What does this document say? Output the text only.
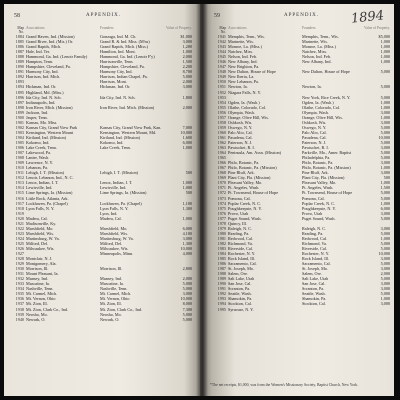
58	APPENDIX.
Map No.
Associations.	Founders.	Value of Property.
1884 Grand Haven, Ind. (Mission)	Gonzaga, Ind. M. Ch.	$1,000
1885 Grand River, Ind. (Mis.) Or.	Grand R. & Ind. Miss. (M'ns)	3,000
1886 Grand Rapids, Mich.	Grand Rapids, Mich. (Miss.)	1,200
1887 Hale, Ind. Ter.	Hamilton, Ind. Mont.	1,000
1888 Hammond, Ga. Ind. (Lenoir Family)	Hammond, Ga. Ind. (Lenoir F'y)	2,000
1889 Hampton, Tenn.	Harrisonville, Tenn.	1,500
1890 Hampshire, Cleveland, Pa.	Hampshire, Cleveland, Pa.	2,200
1891 Harmony City, Ind.	Harmony City, Ind.	8,700
1892 Harrison, Ind. Mich.	Harrison, Indian Chapel, Pa.	5,000
1893	Harrison, Mont.	2,000
1894 Hickman, Ind. Or.	Hickman, Ind. Or.	3,000
1895 Highland, Md. (Miss.)
1896 Ida City, Ind. N. Sch.	Ida City, Ind. N. Sch.	1,800
1897 Indianapolis, Ind.
1898 Iron River, Mich. (Mission)	Iron River, Ind. Mich. (Mission)	2,000
1899 Jackson, Ind.
1900 Jasper, Tenn.
1901 Kansas, Mo. Miss.
1902 Kansas City, Grand View Park	Kansas City, Grand View Park, Kan.	7,000
1903 Kensington, Western Mount	Kensington, Western Mount, Md.	10,000
1904 Kirtland, Ind. (Mission)	Kirtland, Ind. (Mission)	1,600
1905 Kokomo, Ind.	Kokomo, Ind.	6,000
1906 Lake Creek, Tenn.	Lake Creek, Tenn.	1,000
1907 Lakewood, Pa.
1908 Lanier, Wash.
1909 Lawrence, N. Y.
1910 Lebanon, Pa.
1911 Lehigh, I. T. (Mission)	Lehigh, I. T. (Mission)	500
1912 Lenoir, Lebanon, Ind., N. C.
1913 Lenox, Indian, I. T.	Lenox, Indian, I. T.	1,000
1914 Lewisville, Ind.	Lewisville, Ind.	1,000
1915 Lime Springs, Ia. (Mission)	Lime Springs, Ia. (Mission)	500
1916 Little Rock, Atlanta, Ark.
1917 Lockhaven, Pa. (Chapel)	Lockhaven, Pa. (Chapel)	1,100
1918 Lyon Falls, N. Y.	Lyon Falls, N. Y.	1,300
1919	Lyon, Ind.
1920 Madera, Cal.	Madera, Cal.	1,000
1921 Madisonville, Ky.
1922 Marshfield, Mo.	Marshfield, Mo.	6,000
1923 Marshfield, Wis.	Marshfield, Wis.	4,100
1924 Martinsburg, W. Va.	Martinsburg, W. Va.	3,000
1925 Milford, Del.	Milford, Del.	1,300
1926 Milwaukee, Wis.	Milwaukee, Wis.	10,000
1927	Minneapolis, Minn.	4,000
1928 Montclair, N. J.
1929 Montgomery, Ala.
1930 Morrison, Ill.	Morrison, Ill.	2,800
1931 Mount Pleasant, Ia.
1932 Munsey, Ind.	Munsey, Ind.	2,000
1933 Muscatine, Ia.	Muscatine, Ia.	5,000
1934 Nashville, Tenn.	Nashville, Tenn.	5,000
1935 Mt. Carmel, Mich.	Mt. Carmel, Mich.	3,000
1936 Mt. Vernon, Ohio	Mt. Vernon, Ohio	10,000
1937 Mt. Zion, Ill.	Mt. Zion, Ill.	8,000
1938 Mt. Zion, Clark Co., Ind.	Mt. Zion, Clark Co., Ind.	7,300
1939 Neosho, Mo.	Neosho, Mo.	5,000
1940 Newark, O.	Newark, O.	5,000
59	APPENDIX. 1894
Map No.
Associations.	Founders.	Value of Property.
1941 Memphis, Tenn., Wis.	Memphis, Tenn., Wis.	$5,000
1942 Marinette, Wis.	Marinette, Wis.	1,000
1943 Monroe, La. (Miss.)	Monroe, La. (Miss.)	1,000
1944 Natchez, Miss.	Natchez, Miss.	1,000
1945 Nelson, Ind. Feb.	Nelson, Ind. Feb.	1,000
1946 New Albany, Ind.	New Albany, Ind.	1,000
1947 New Brighton, Pa.
1948 New Dalton, House of Hope	New Dalton, House of Hope	5,000
1949 New Iberia, La.
1950 New Lebanon, Pa.
1951 Newton, Ia.	Newton, Ia.	5,000
1952 Niagara Falls, N. Y.
1953	New York, Rice Creek, N. Y.	5,000
1954 Ogden, Ia. (Wash.)	Ogden, Ia. (Wash.)	1,000
1955 Olathe, Colorado, Col.	Olathe, Colorado, Col.	1,000
1956 Olympia, Wash.	Olympia, Wash.	3,000
1957 Orange, Olive Hill, Wis.	Orange, Olive Hill, Wis.	1,000
1958 Oshkosh, Wis.	Oshkosh, Wis.	3,000
1959 Oswego, N. Y.	Oswego, N. Y.	5,000
1960 Palo Alto, Cal.	Palo Alto, Cal.	5,000
1961 Pasadena, Cal.	Pasadena, Cal.	10,000
1962 Paterson, N. J.	Paterson, N. J.	5,000
1963 Pawtucket, R. I.	Pawtucket, R. I.	3,000
1964 Peninsula, Am. Assn. (Mission)	Parkville, Mo., Amer. Baptist	5,000
1965	Philadelphia, Pa.	5,000
1966 Philo, Botanic, Pa.	Philo, Botanic, Pa.	3,000
1967 Philo, Botanic, Pa. (Mission)	Philo, Botanic, Pa. (Mission)	1,000
1968 Pine Bluff, Ark.	Pine Bluff, Ark.	3,000
1969 Plant City, Fla. (Mission)	Plant City, Fla. (Mission)	500
1970 Pleasant Valley, Mo.	Pleasant Valley, Mo.	1,000
1971 Pt. Angeles, Wash.	Pt. Angeles, Wash.	1,500
1972 Pt. Townsend, House of Hope	Pt. Townsend, House of Hope	5,000
1973 Pomona, Cal.	Pomona, Cal.	5,000
1974 Poplar Creek, N. C.	Poplar Creek, N. C.	1,000
1975 Poughkeepsie, N. Y.	Poughkeepsie, N. Y.	6,000
1976 Provo, Utah	Provo, Utah	3,000
1977 Puget Sound, Wash.	Puget Sound, Wash.	5,000
1978 Quincy, Ill.
1979 Raleigh, N. C.	Raleigh, N. C.	3,000
1980 Reading, Pa.	Reading, Pa.	5,000
1981 Redwood, Cal.	Redwood, Cal.	1,000
1982 Richmond, Va.	Richmond, Va.	5,000
1983 Riverside, Cal.	Riverside, Cal.	5,000
1984 Rochester, N. Y.	Rochester, N. Y.	10,000
1985 Rock Island, Ill.	Rock Island, Ill.	3,000
1986 Sacramento, Cal.	Sacramento, Cal.	5,000
1987 St. Joseph, Mo.	St. Joseph, Mo.	3,000
1988 Salem, Ore.	Salem, Ore.	2,000
1989 Salt Lake, Utah	Salt Lake, Utah	5,000
1990 San Jose, Cal.	San Jose, Cal.	3,000
1991 Scranton, Pa.	Scranton, Pa.	3,000
1992 Seattle, Wash.	Seattle, Wash.	5,000
1993 Shamokin, Pa.	Shamokin, Pa.	1,000
1994 Stockton, Cal.	Stockton, Cal.	3,000
1995 Syracuse, N. Y.
*The net receipts, $1,000, was from the Women's Missionary Society, Baptist Church, New York.
